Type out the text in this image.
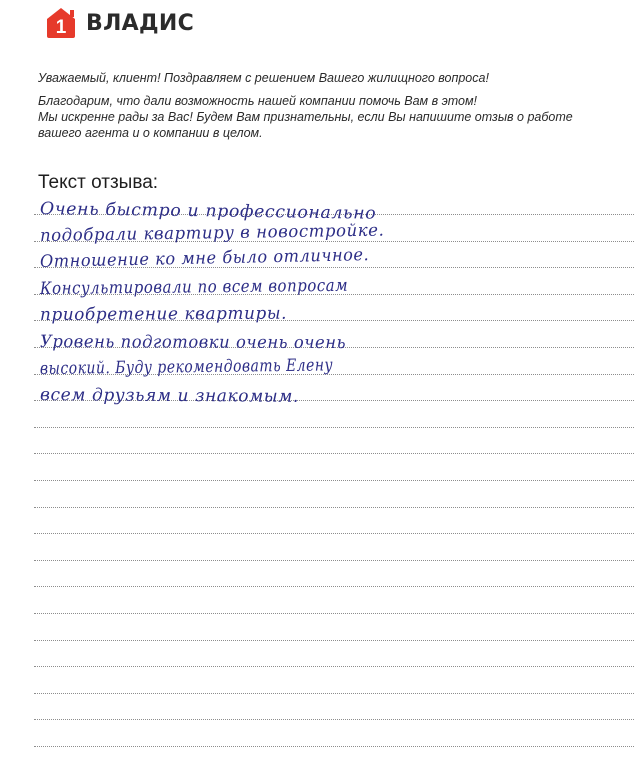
1 ВЛАДИС

Уважаемый, клиент! Поздравляем с решением Вашего жилищного вопроса!

Благодарим, что дали возможность нашей компании помочь Вам в этом!

Мы искренне рады за Вас! Будем Вам признательны, если Вы напишите отзыв о работе

вашего агента и о компании в целом.

Текст отзыва:
Очень быстро и профессионально
подобрали квартиру в новостройке.
Отношение ко мне было отличное.
Консультировали по всем вопросам
приобретение квартиры.
Уровень подготовки очень очень
высокий. Буду рекомендовать Елену
всем друзьям и знакомым.
